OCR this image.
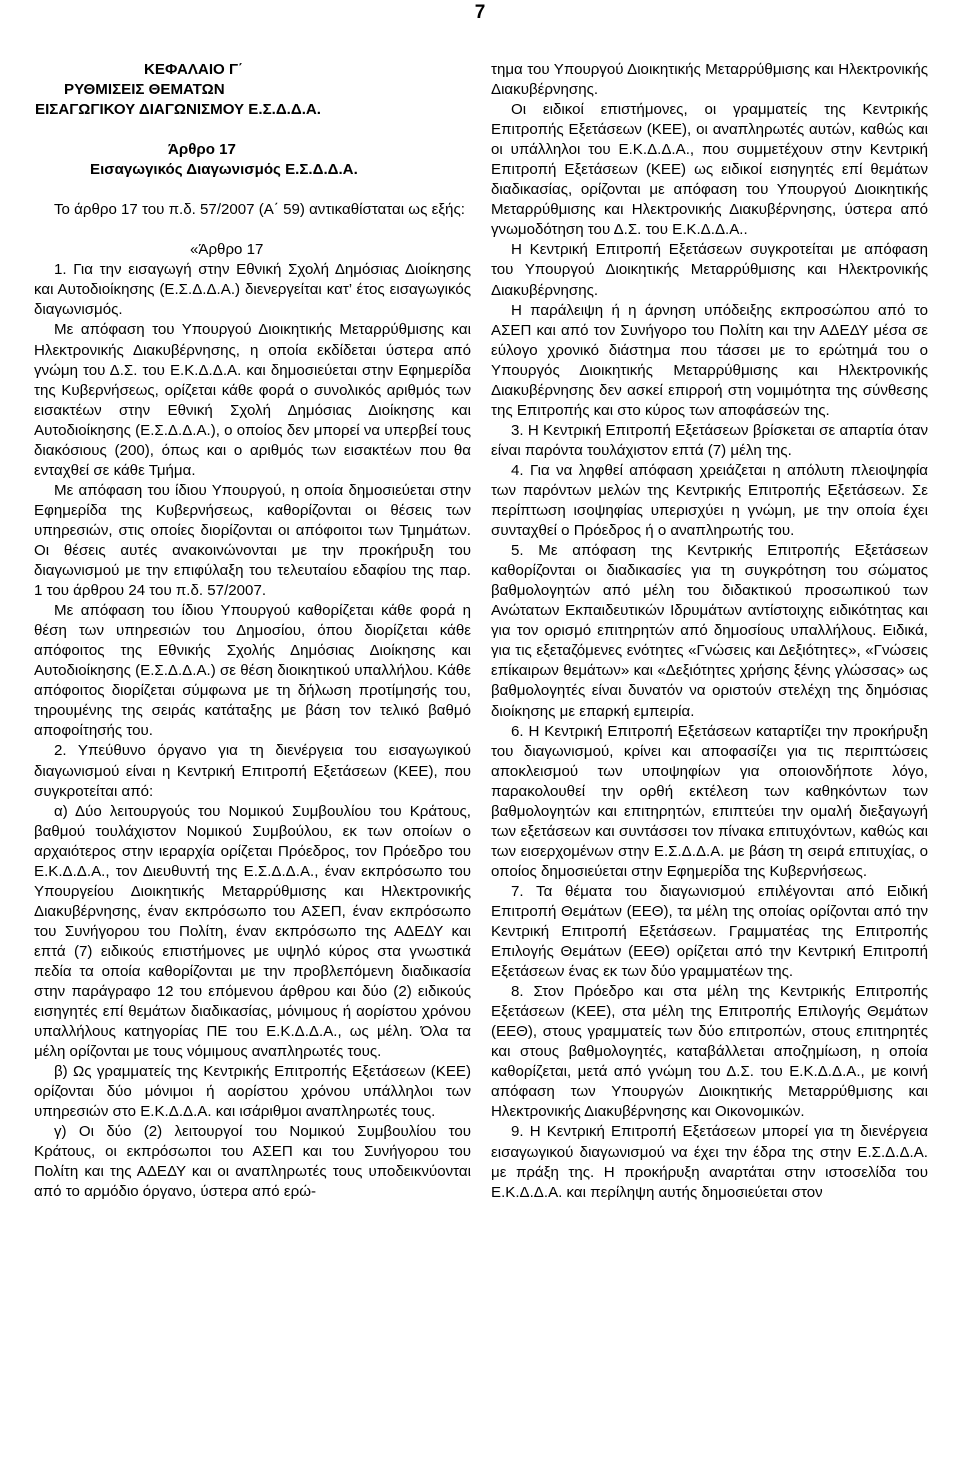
7
ΚΕΦΑΛΑΙΟ Γ΄
ΡΥΘΜΙΣΕΙΣ ΘΕΜΑΤΩΝ
ΕΙΣΑΓΩΓΙΚΟΥ ΔΙΑΓΩΝΙΣΜΟΥ Ε.Σ.Δ.Δ.Α.
Άρθρο 17
Εισαγωγικός Διαγωνισμός Ε.Σ.Δ.Δ.Α.

Το άρθρο 17 του π.δ. 57/2007 (Α΄ 59) αντικαθίσταται ως εξής:

«Άρθρο 17

1. Για την εισαγωγή στην Εθνική Σχολή Δημόσιας Διοίκησης και Αυτοδιοίκησης (Ε.Σ.Δ.Δ.Α.) διενεργείται κατ’ έτος εισαγωγικός διαγωνισμός.

Με απόφαση του Υπουργού Διοικητικής Μεταρρύθμισης και Ηλεκτρονικής Διακυβέρνησης, η οποία εκδίδεται ύστερα από γνώμη του Δ.Σ. του Ε.Κ.Δ.Δ.Α. και δημοσιεύεται στην Εφημερίδα της Κυβερνήσεως, ορίζεται κάθε φορά ο συνολικός αριθμός των εισακτέων στην Εθνική Σχολή Δημόσιας Διοίκησης και Αυτοδιοίκησης (Ε.Σ.Δ.Δ.Α.), ο οποίος δεν μπορεί να υπερβεί τους διακόσιους (200), όπως και ο αριθμός των εισακτέων που θα ενταχθεί σε κάθε Τμήμα.

Με απόφαση του ίδιου Υπουργού, η οποία δημοσιεύεται στην Εφημερίδα της Κυβερνήσεως, καθορίζονται οι θέσεις των υπηρεσιών, στις οποίες διορίζονται οι απόφοιτοι των Τμημάτων. Οι θέσεις αυτές ανακοινώνονται με την προκήρυξη του διαγωνισμού με την επιφύλαξη του τελευταίου εδαφίου της παρ. 1 του άρθρου 24 του π.δ. 57/2007.

Με απόφαση του ίδιου Υπουργού καθορίζεται κάθε φορά η θέση των υπηρεσιών του Δημοσίου, όπου διορίζεται κάθε απόφοιτος της Εθνικής Σχολής Δημόσιας Διοίκησης και Αυτοδιοίκησης (Ε.Σ.Δ.Δ.Α.) σε θέση διοικητικού υπαλλήλου. Κάθε απόφοιτος διορίζεται σύμφωνα με τη δήλωση προτίμησής του, τηρουμένης της σειράς κατάταξης με βάση τον τελικό βαθμό αποφοίτησής του.

2. Υπεύθυνο όργανο για τη διενέργεια του εισαγωγικού διαγωνισμού είναι η Κεντρική Επιτροπή Εξετάσεων (ΚΕΕ), που συγκροτείται από:

α) Δύο λειτουργούς του Νομικού Συμβουλίου του Κράτους, βαθμού τουλάχιστον Νομικού Συμβούλου, εκ των οποίων ο αρχαιότερος στην ιεραρχία ορίζεται Πρόεδρος, τον Πρόεδρο του Ε.Κ.Δ.Δ.Α., τον Διευθυντή της Ε.Σ.Δ.Δ.Α., έναν εκπρόσωπο του Υπουργείου Διοικητικής Μεταρρύθμισης και Ηλεκτρονικής Διακυβέρνησης, έναν εκπρόσωπο του ΑΣΕΠ, έναν εκπρόσωπο του Συνήγορου του Πολίτη, έναν εκπρόσωπο της ΑΔΕΔΥ και επτά (7) ειδικούς επιστήμονες με υψηλό κύρος στα γνωστικά πεδία τα οποία καθορίζονται με την προβλεπόμενη διαδικασία στην παράγραφο 12 του επόμενου άρθρου και δύο (2) ειδικούς εισηγητές επί θεμάτων διαδικασίας, μόνιμους ή αορίστου χρόνου υπαλλήλους κατηγορίας ΠΕ του Ε.Κ.Δ.Δ.Α., ως μέλη. Όλα τα μέλη ορίζονται με τους νόμιμους αναπληρωτές τους.

β) Ως γραμματείς της Κεντρικής Επιτροπής Εξετάσεων (ΚΕΕ) ορίζονται δύο μόνιμοι ή αορίστου χρόνου υπάλληλοι των υπηρεσιών στο Ε.Κ.Δ.Δ.Α. και ισάριθμοι αναπληρωτές τους.

γ) Οι δύο (2) λειτουργοί του Νομικού Συμβουλίου του Κράτους, οι εκπρόσωποι του ΑΣΕΠ και του Συνήγορου του Πολίτη και της ΑΔΕΔΥ και οι αναπληρωτές τους υποδεικνύονται από το αρμόδιο όργανο, ύστερα από ερώ-

τημα του Υπουργού Διοικητικής Μεταρρύθμισης και Ηλεκτρονικής Διακυβέρνησης.

Οι ειδικοί επιστήμονες, οι γραμματείς της Κεντρικής Επιτροπής Εξετάσεων (ΚΕΕ), οι αναπληρωτές αυτών, καθώς και οι υπάλληλοι του Ε.Κ.Δ.Δ.Α., που συμμετέχουν στην Κεντρική Επιτροπή Εξετάσεων (ΚΕΕ) ως ειδικοί εισηγητές επί θεμάτων διαδικασίας, ορίζονται με απόφαση του Υπουργού Διοικητικής Μεταρρύθμισης και Ηλεκτρονικής Διακυβέρνησης, ύστερα από γνωμοδότηση του Δ.Σ. του Ε.Κ.Δ.Δ.Α..

Η Κεντρική Επιτροπή Εξετάσεων συγκροτείται με απόφαση του Υπουργού Διοικητικής Μεταρρύθμισης και Ηλεκτρονικής Διακυβέρνησης.

Η παράλειψη ή η άρνηση υπόδειξης εκπροσώπου από το ΑΣΕΠ και από τον Συνήγορο του Πολίτη και την ΑΔΕΔΥ μέσα σε εύλογο χρονικό διάστημα που τάσσει με το ερώτημά του ο Υπουργός Διοικητικής Μεταρρύθμισης και Ηλεκτρονικής Διακυβέρνησης δεν ασκεί επιρροή στη νομιμότητα της σύνθεσης της Επιτροπής και στο κύρος των αποφάσεών της.

3. Η Κεντρική Επιτροπή Εξετάσεων βρίσκεται σε απαρτία όταν είναι παρόντα τουλάχιστον επτά (7) μέλη της.

4. Για να ληφθεί απόφαση χρειάζεται η απόλυτη πλειοψηφία των παρόντων μελών της Κεντρικής Επιτροπής Εξετάσεων. Σε περίπτωση ισοψηφίας υπερισχύει η γνώμη, με την οποία έχει συνταχθεί ο Πρόεδρος ή ο αναπληρωτής του.

5. Με απόφαση της Κεντρικής Επιτροπής Εξετάσεων καθορίζονται οι διαδικασίες για τη συγκρότηση του σώματος βαθμολογητών από μέλη του διδακτικού προσωπικού των Ανώτατων Εκπαιδευτικών Ιδρυμάτων αντίστοιχης ειδικότητας και για τον ορισμό επιτηρητών από δημοσίους υπαλλήλους. Ειδικά, για τις εξεταζόμενες ενότητες «Γνώσεις και Δεξιότητες», «Γνώσεις επίκαιρων θεμάτων» και «Δεξιότητες χρήσης ξένης γλώσσας» ως βαθμολογητές είναι δυνατόν να οριστούν στελέχη της δημόσιας διοίκησης με επαρκή εμπειρία.

6. Η Κεντρική Επιτροπή Εξετάσεων καταρτίζει την προκήρυξη του διαγωνισμού, κρίνει και αποφασίζει για τις περιπτώσεις αποκλεισμού των υποψηφίων για οποιονδήποτε λόγο, παρακολουθεί την ορθή εκτέλεση των καθηκόντων των βαθμολογητών και επιτηρητών, επιπτεύει την ομαλή διεξαγωγή των εξετάσεων και συντάσσει τον πίνακα επιτυχόντων, καθώς και των εισερχομένων στην Ε.Σ.Δ.Δ.Α. με βάση τη σειρά επιτυχίας, ο οποίος δημοσιεύεται στην Εφημερίδα της Κυβερνήσεως.

7. Τα θέματα του διαγωνισμού επιλέγονται από Ειδική Επιτροπή Θεμάτων (ΕΕΘ), τα μέλη της οποίας ορίζονται από την Κεντρική Επιτροπή Εξετάσεων. Γραμματέας της Επιτροπής Επιλογής Θεμάτων (ΕΕΘ) ορίζεται από την Κεντρική Επιτροπή Εξετάσεων ένας εκ των δύο γραμματέων της.

8. Στον Πρόεδρο και στα μέλη της Κεντρικής Επιτροπής Εξετάσεων (ΚΕΕ), στα μέλη της Επιτροπής Επιλογής Θεμάτων (ΕΕΘ), στους γραμματείς των δύο επιτροπών, στους επιτηρητές και στους βαθμολογητές, καταβάλλεται αποζημίωση, η οποία καθορίζεται, μετά από γνώμη του Δ.Σ. του Ε.Κ.Δ.Δ.Α., με κοινή απόφαση των Υπουργών Διοικητικής Μεταρρύθμισης και Ηλεκτρονικής Διακυβέρνησης και Οικονομικών.

9. Η Κεντρική Επιτροπή Εξετάσεων μπορεί για τη διενέργεια εισαγωγικού διαγωνισμού να έχει την έδρα της στην Ε.Σ.Δ.Δ.Α. με πράξη της. Η προκήρυξη αναρτάται στην ιστοσελίδα του Ε.Κ.Δ.Δ.Α. και περίληψη αυτής δημοσιεύεται στον
